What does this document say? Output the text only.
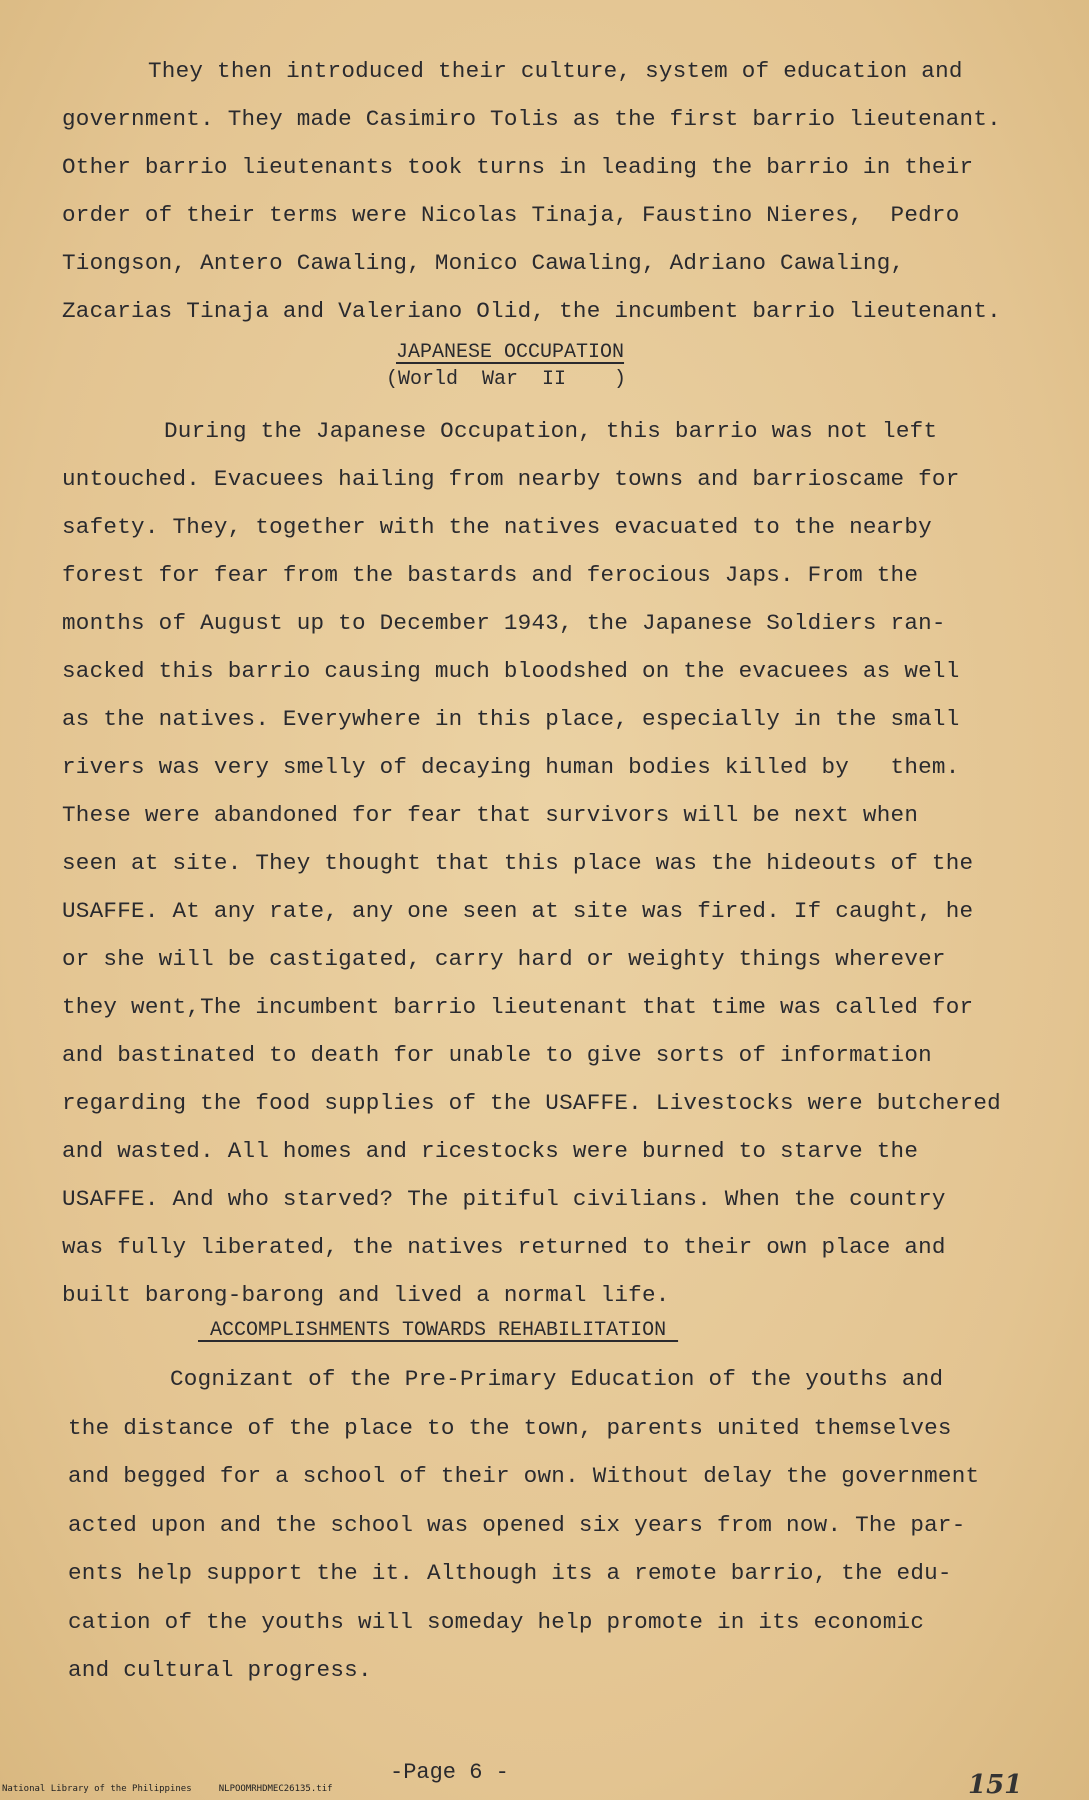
They then introduced their culture, system of education and
government. They made Casimiro Tolis as the first barrio lieutenant.
Other barrio lieutenants took turns in leading the barrio in their
order of their terms were Nicolas Tinaja, Faustino Nieres,  Pedro
Tiongson, Antero Cawaling, Monico Cawaling, Adriano Cawaling,
Zacarias Tinaja and Valeriano Olid, the incumbent barrio lieutenant.
JAPANESE OCCUPATION
(World  War  II    )
During the Japanese Occupation, this barrio was not left
untouched. Evacuees hailing from nearby towns and barrioscame for
safety. They, together with the natives evacuated to the nearby
forest for fear from the bastards and ferocious Japs. From the
months of August up to December 1943, the Japanese Soldiers ran-
sacked this barrio causing much bloodshed on the evacuees as well
as the natives. Everywhere in this place, especially in the small
rivers was very smelly of decaying human bodies killed by   them.
These were abandoned for fear that survivors will be next when
seen at site. They thought that this place was the hideouts of the
USAFFE. At any rate, any one seen at site was fired. If caught, he
or she will be castigated, carry hard or weighty things wherever
they went,The incumbent barrio lieutenant that time was called for
and bastinated to death for unable to give sorts of information
regarding the food supplies of the USAFFE. Livestocks were butchered
and wasted. All homes and ricestocks were burned to starve the
USAFFE. And who starved? The pitiful civilians. When the country
was fully liberated, the natives returned to their own place and
built barong-barong and lived a normal life.
ACCOMPLISHMENTS TOWARDS REHABILITATION
Cognizant of the Pre-Primary Education of the youths and
the distance of the place to the town, parents united themselves
and begged for a school of their own. Without delay the government
acted upon and the school was opened six years from now. The par-
ents help support the it. Although its a remote barrio, the edu-
cation of the youths will someday help promote in its economic
and cultural progress.
-Page 6 -
National Library of the Philippines     NLPOOMRHDMEC26135.tif	151
